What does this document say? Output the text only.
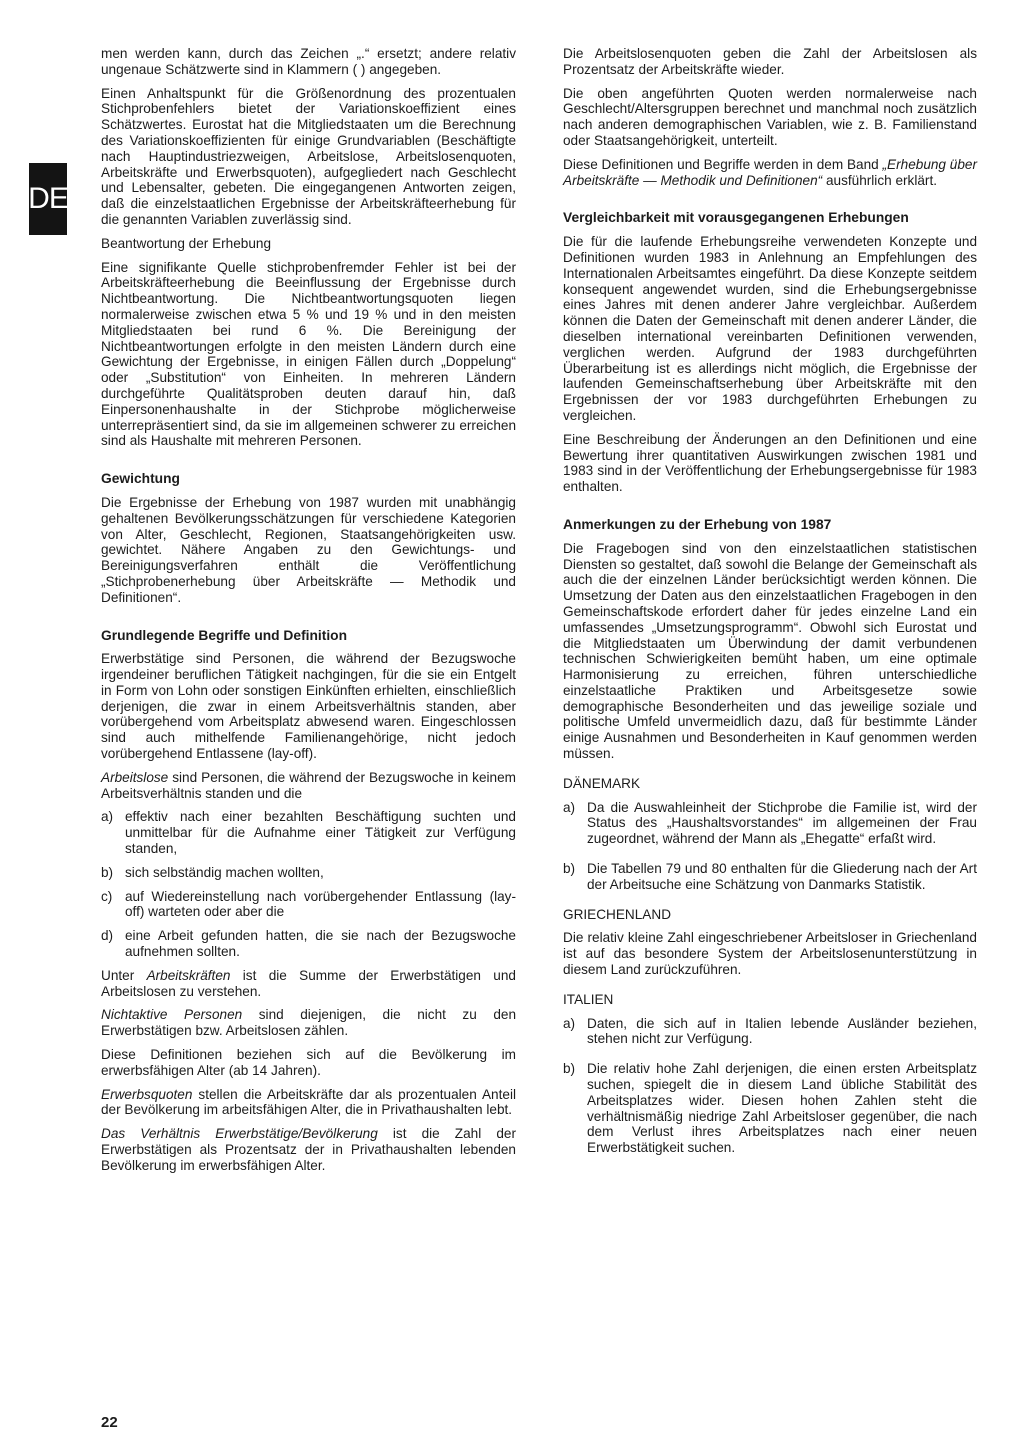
DE

men werden kann, durch das Zeichen „.“ ersetzt; andere relativ ungenaue Schätzwerte sind in Klammern ( ) angegeben.

Einen Anhaltspunkt für die Größenordnung des prozentualen Stichprobenfehlers bietet der Variationskoeffizient eines Schätzwertes. Eurostat hat die Mitgliedstaaten um die Berechnung des Variationskoeffizienten für einige Grundvariablen (Beschäftigte nach Hauptindustriezweigen, Arbeitslose, Arbeitslosenquoten, Arbeitskräfte und Erwerbsquoten), aufgegliedert nach Geschlecht und Lebensalter, gebeten. Die eingegangenen Antworten zeigen, daß die einzelstaatlichen Ergebnisse der Arbeitskräfteerhebung für die genannten Variablen zuverlässig sind.

Beantwortung der Erhebung

Eine signifikante Quelle stichprobenfremder Fehler ist bei der Arbeitskräfteerhebung die Beeinflussung der Ergebnisse durch Nichtbeantwortung. Die Nichtbeantwortungsquoten liegen normalerweise zwischen etwa 5 % und 19 % und in den meisten Mitgliedstaaten bei rund 6 %. Die Bereinigung der Nichtbeantwortungen erfolgte in den meisten Ländern durch eine Gewichtung der Ergebnisse, in einigen Fällen durch „Doppelung“ oder „Substitution“ von Einheiten. In mehreren Ländern durchgeführte Qualitätsproben deuten darauf hin, daß Einpersonenhaushalte in der Stichprobe möglicherweise unterrepräsentiert sind, da sie im allgemeinen schwerer zu erreichen sind als Haushalte mit mehreren Personen.

Gewichtung

Die Ergebnisse der Erhebung von 1987 wurden mit unabhängig gehaltenen Bevölkerungsschätzungen für verschiedene Kategorien von Alter, Geschlecht, Regionen, Staatsangehörigkeiten usw. gewichtet. Nähere Angaben zu den Gewichtungs- und Bereinigungsverfahren enthält die Veröffentlichung „Stichprobenerhebung über Arbeitskräfte — Methodik und Definitionen“.

Grundlegende Begriffe und Definition

Erwerbstätige sind Personen, die während der Bezugswoche irgendeiner beruflichen Tätigkeit nachgingen, für die sie ein Entgelt in Form von Lohn oder sonstigen Einkünften erhielten, einschließlich derjenigen, die zwar in einem Arbeitsverhältnis standen, aber vorübergehend vom Arbeitsplatz abwesend waren. Eingeschlossen sind auch mithelfende Familienangehörige, nicht jedoch vorübergehend Entlassene (lay-off).

Arbeitslose sind Personen, die während der Bezugswoche in keinem Arbeitsverhältnis standen und die

a) effektiv nach einer bezahlten Beschäftigung suchten und unmittelbar für die Aufnahme einer Tätigkeit zur Verfügung standen,
b) sich selbständig machen wollten,
c) auf Wiedereinstellung nach vorübergehender Entlassung (lay-off) warteten oder aber die
d) eine Arbeit gefunden hatten, die sie nach der Bezugswoche aufnehmen sollten.

Unter Arbeitskräften ist die Summe der Erwerbstätigen und Arbeitslosen zu verstehen.

Nichtaktive Personen sind diejenigen, die nicht zu den Erwerbstätigen bzw. Arbeitslosen zählen.

Diese Definitionen beziehen sich auf die Bevölkerung im erwerbsfähigen Alter (ab 14 Jahren).

Erwerbsquoten stellen die Arbeitskräfte dar als prozentualen Anteil der Bevölkerung im arbeitsfähigen Alter, die in Privathaushalten lebt.

Das Verhältnis Erwerbstätige/Bevölkerung ist die Zahl der Erwerbstätigen als Prozentsatz der in Privathaushalten lebenden Bevölkerung im erwerbsfähigen Alter.

Die Arbeitslosenquoten geben die Zahl der Arbeitslosen als Prozentsatz der Arbeitskräfte wieder.

Die oben angeführten Quoten werden normalerweise nach Geschlecht/Altersgruppen berechnet und manchmal noch zusätzlich nach anderen demographischen Variablen, wie z. B. Familienstand oder Staatsangehörigkeit, unterteilt.

Diese Definitionen und Begriffe werden in dem Band „Erhebung über Arbeitskräfte — Methodik und Definitionen“ ausführlich erklärt.

Vergleichbarkeit mit vorausgegangenen Erhebungen

Die für die laufende Erhebungsreihe verwendeten Konzepte und Definitionen wurden 1983 in Anlehnung an Empfehlungen des Internationalen Arbeitsamtes eingeführt. Da diese Konzepte seitdem konsequent angewendet wurden, sind die Erhebungsergebnisse eines Jahres mit denen anderer Jahre vergleichbar. Außerdem können die Daten der Gemeinschaft mit denen anderer Länder, die dieselben international vereinbarten Definitionen verwenden, verglichen werden. Aufgrund der 1983 durchgeführten Überarbeitung ist es allerdings nicht möglich, die Ergebnisse der laufenden Gemeinschaftserhebung über Arbeitskräfte mit den Ergebnissen der vor 1983 durchgeführten Erhebungen zu vergleichen.

Eine Beschreibung der Änderungen an den Definitionen und eine Bewertung ihrer quantitativen Auswirkungen zwischen 1981 und 1983 sind in der Veröffentlichung der Erhebungsergebnisse für 1983 enthalten.

Anmerkungen zu der Erhebung von 1987

Die Fragebogen sind von den einzelstaatlichen statistischen Diensten so gestaltet, daß sowohl die Belange der Gemeinschaft als auch die der einzelnen Länder berücksichtigt werden können. Die Umsetzung der Daten aus den einzelstaatlichen Fragebogen in den Gemeinschaftskode erfordert daher für jedes einzelne Land ein umfassendes „Umsetzungsprogramm“. Obwohl sich Eurostat und die Mitgliedstaaten um Überwindung der damit verbundenen technischen Schwierigkeiten bemüht haben, um eine optimale Harmonisierung zu erreichen, führen unterschiedliche einzelstaatliche Praktiken und Arbeitsgesetze sowie demographische Besonderheiten und das jeweilige soziale und politische Umfeld unvermeidlich dazu, daß für bestimmte Länder einige Ausnahmen und Besonderheiten in Kauf genommen werden müssen.

DÄNEMARK
a) Da die Auswahleinheit der Stichprobe die Familie ist, wird der Status des „Haushaltsvorstandes“ im allgemeinen der Frau zugeordnet, während der Mann als „Ehegatte“ erfaßt wird.
b) Die Tabellen 79 und 80 enthalten für die Gliederung nach der Art der Arbeitsuche eine Schätzung von Danmarks Statistik.
GRIECHENLAND

Die relativ kleine Zahl eingeschriebener Arbeitsloser in Griechenland ist auf das besondere System der Arbeitslosenunterstützung in diesem Land zurückzuführen.

ITALIEN
a) Daten, die sich auf in Italien lebende Ausländer beziehen, stehen nicht zur Verfügung.
b) Die relativ hohe Zahl derjenigen, die einen ersten Arbeitsplatz suchen, spiegelt die in diesem Land übliche Stabilität des Arbeitsplatzes wider. Diesen hohen Zahlen steht die verhältnismäßig niedrige Zahl Arbeitsloser gegenüber, die nach dem Verlust ihres Arbeitsplatzes nach einer neuen Erwerbstätigkeit suchen.
22
